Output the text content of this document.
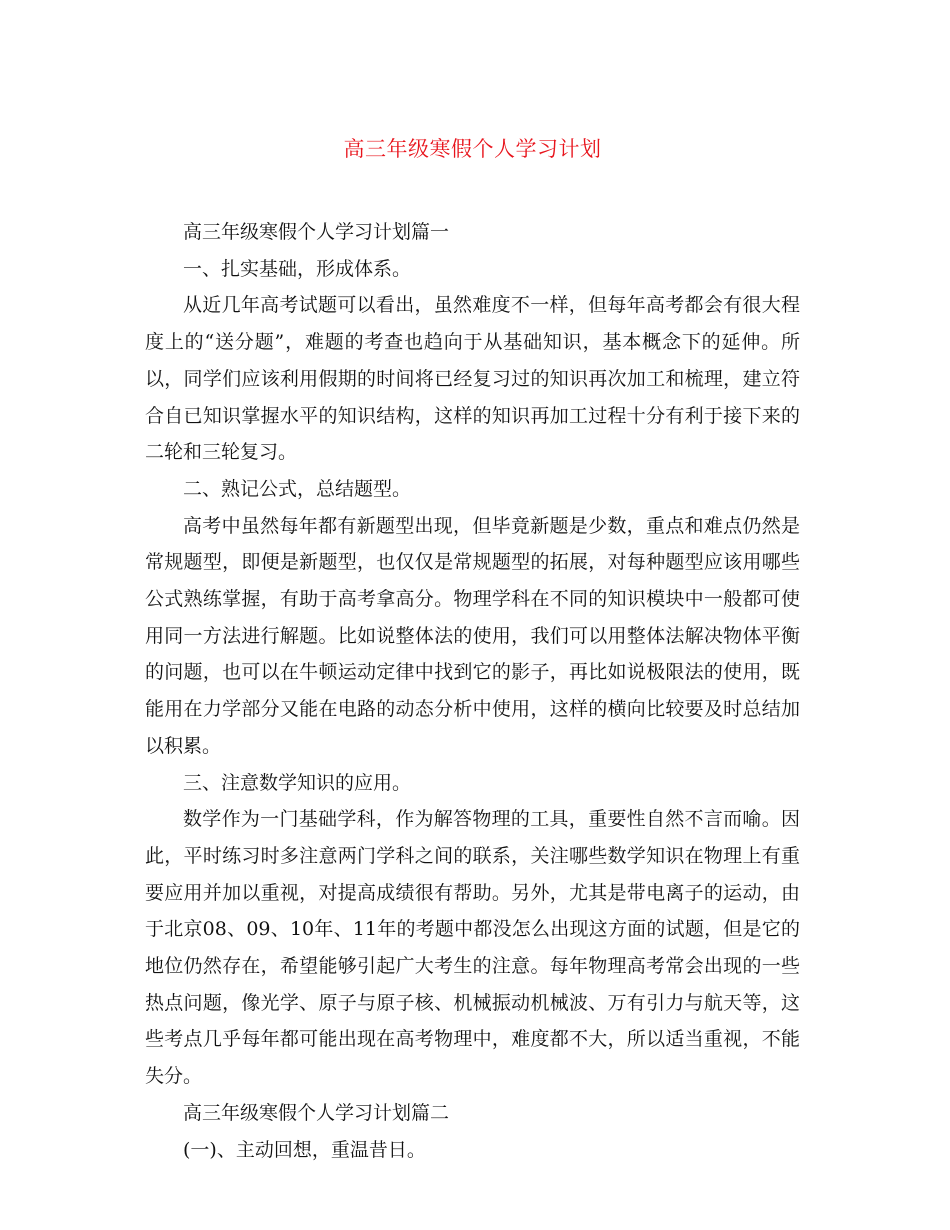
高三年级寒假个人学习计划

高三年级寒假个人学习计划篇一

一、扎实基础，形成体系。

从近几年高考试题可以看出，虽然难度不一样，但每年高考都会有很大程度上的“送分题”，难题的考查也趋向于从基础知识，基本概念下的延伸。所以，同学们应该利用假期的时间将已经复习过的知识再次加工和梳理，建立符合自已知识掌握水平的知识结构，这样的知识再加工过程十分有利于接下来的二轮和三轮复习。

二、熟记公式，总结题型。

高考中虽然每年都有新题型出现，但毕竟新题是少数，重点和难点仍然是常规题型，即便是新题型，也仅仅是常规题型的拓展，对每种题型应该用哪些公式熟练掌握，有助于高考拿高分。物理学科在不同的知识模块中一般都可使用同一方法进行解题。比如说整体法的使用，我们可以用整体法解决物体平衡的问题，也可以在牛顿运动定律中找到它的影子，再比如说极限法的使用，既能用在力学部分又能在电路的动态分析中使用，这样的横向比较要及时总结加以积累。

三、注意数学知识的应用。

数学作为一门基础学科，作为解答物理的工具，重要性自然不言而喻。因此，平时练习时多注意两门学科之间的联系，关注哪些数学知识在物理上有重要应用并加以重视，对提高成绩很有帮助。另外，尤其是带电离子的运动，由于北京08、09、10年、11年的考题中都没怎么出现这方面的试题，但是它的地位仍然存在，希望能够引起广大考生的注意。每年物理高考常会出现的一些热点问题，像光学、原子与原子核、机械振动机械波、万有引力与航天等，这些考点几乎每年都可能出现在高考物理中，难度都不大，所以适当重视，不能失分。

高三年级寒假个人学习计划篇二

(一)、主动回想，重温昔日。
